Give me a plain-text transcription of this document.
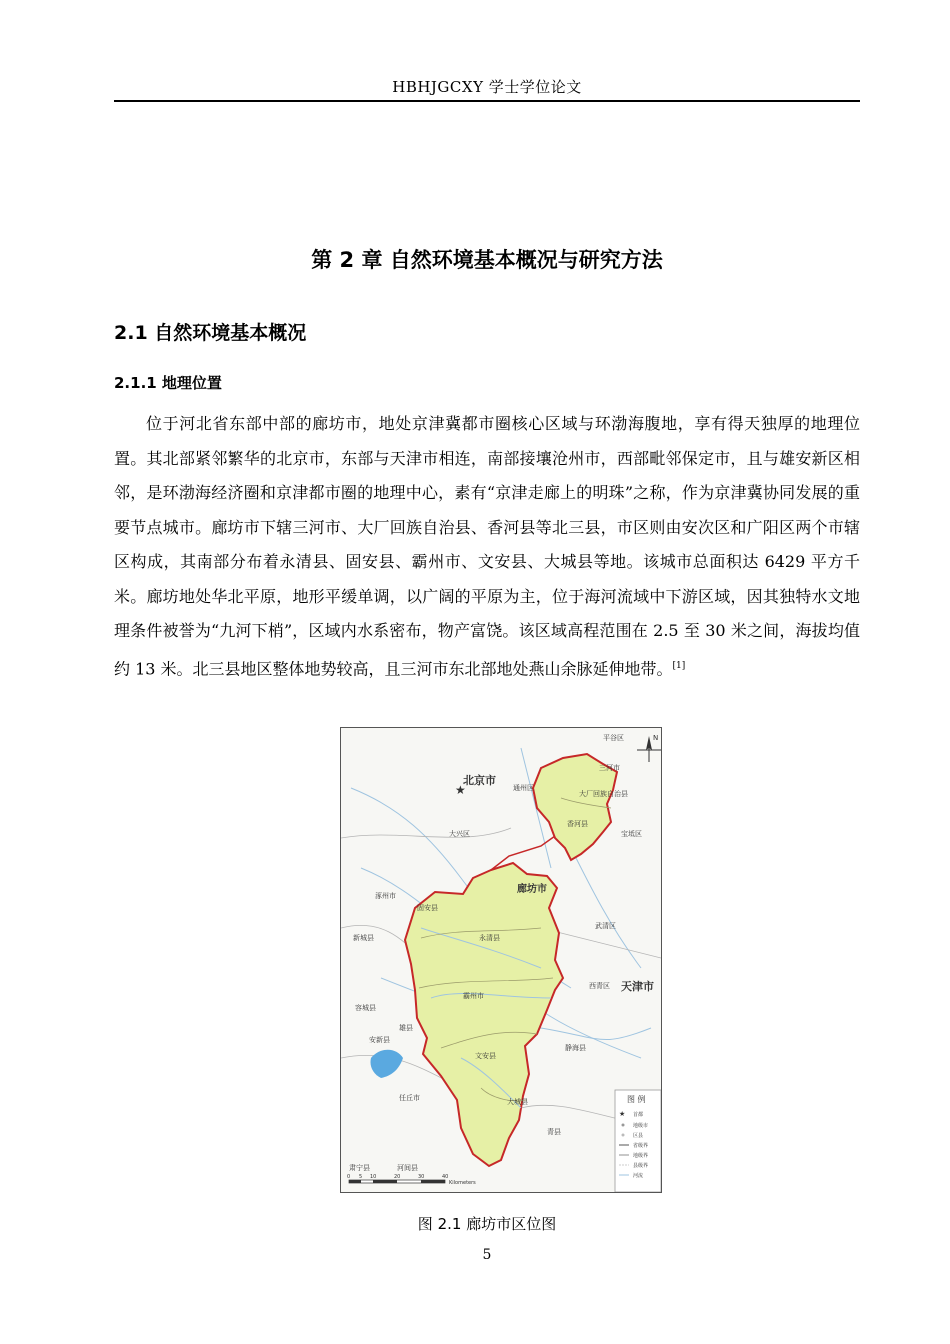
HBHJGCXY 学士学位论文
第 2 章 自然环境基本概况与研究方法
2.1 自然环境基本概况
2.1.1 地理位置
位于河北省东部中部的廊坊市，地处京津冀都市圈核心区域与环渤海腹地，享有得天独厚的地理位置。其北部紧邻繁华的北京市，东部与天津市相连，南部接壤沧州市，西部毗邻保定市，且与雄安新区相邻，是环渤海经济圈和京津都市圈的地理中心，素有“京津走廊上的明珠”之称，作为京津冀协同发展的重要节点城市。廊坊市下辖三河市、大厂回族自治县、香河县等北三县，市区则由安次区和广阳区两个市辖区构成，其南部分布着永清县、固安县、霸州市、文安县、大城县等地。该城市总面积达 6429 平方千米。廊坊地处华北平原，地形平缓单调，以广阔的平原为主，位于海河流域中下游区域，因其独特水文地理条件被誉为“九河下梢”，区域内水系密布，物产富饶。该区域高程范围在 2.5 至 30 米之间，海拔均值约 13 米。北三县地区整体地势较高，且三河市东北部地处燕山余脉延伸地带。[1]
★
北京市
天津市
廊坊市
平谷区
三河市
通州区
大厂回族自治县
香河县
宝坻区
大兴区
涿州市
固安县
永清县
武清区
新城县
霸州市
西青区
容城县
雄县
安新县
文安县
静海县
任丘市	大城县
青县
肃宁县	河间县
N
图 例
★ 首都
地级市
区县
省级界
地级界
县级界
河流
0 5 10	20	30	40
Kilometers
图 2.1 廊坊市区位图
5
